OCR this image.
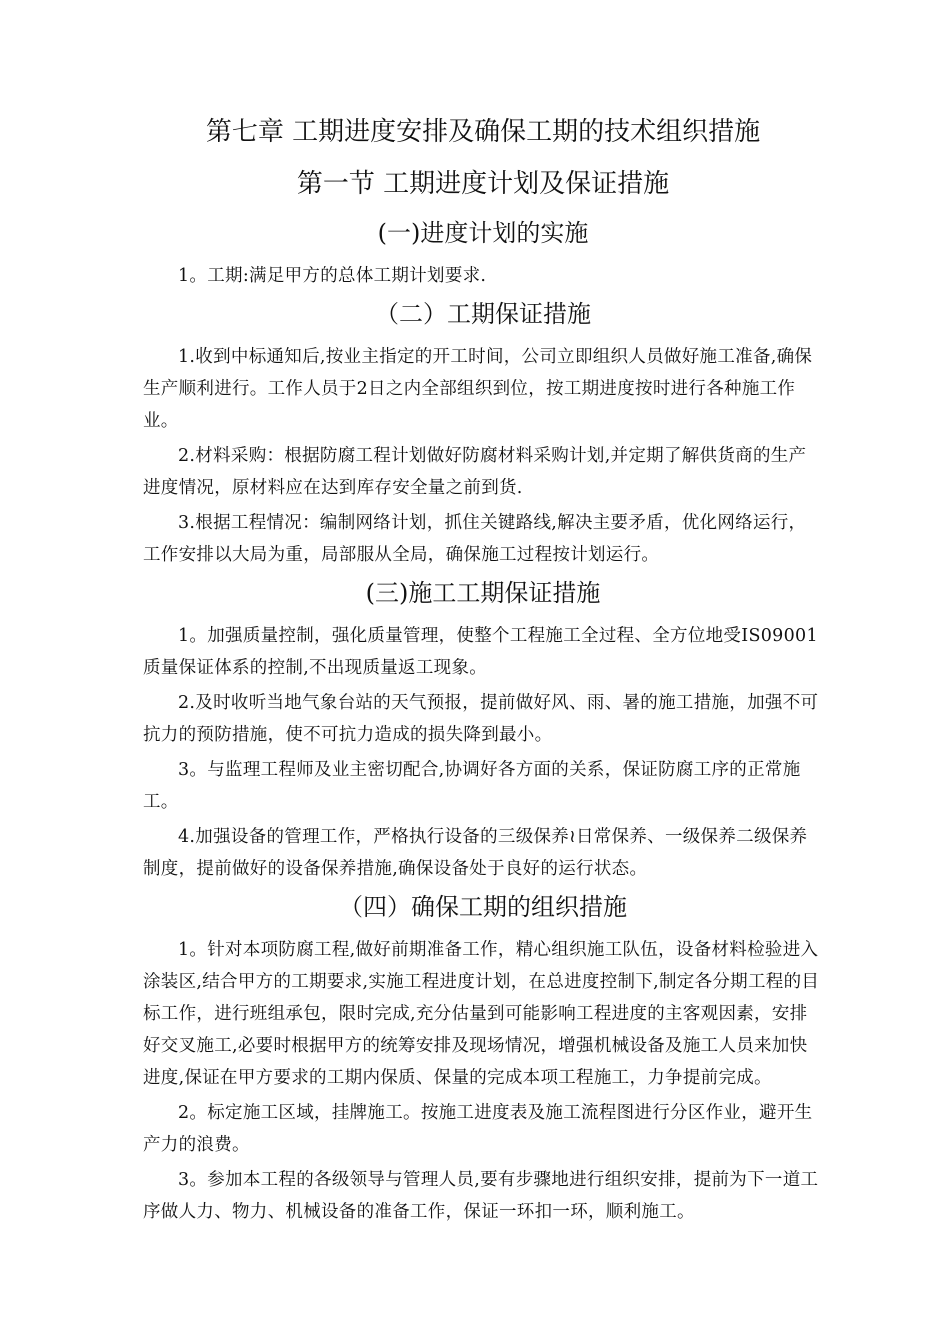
第七章 工期进度安排及确保工期的技术组织措施
第一节 工期进度计划及保证措施
(一)进度计划的实施

1。工期:满足甲方的总体工期计划要求.

（二）工期保证措施

1.收到中标通知后,按业主指定的开工时间，公司立即组织人员做好施工准备,确保生产顺利进行。工作人员于2日之内全部组织到位，按工期进度按时进行各种施工作业。

2.材料采购：根据防腐工程计划做好防腐材料采购计划,并定期了解供货商的生产进度情况，原材料应在达到库存安全量之前到货.

3.根据工程情况：编制网络计划，抓住关键路线,解决主要矛盾，优化网络运行，工作安排以大局为重，局部服从全局，确保施工过程按计划运行。

(三)施工工期保证措施

1。加强质量控制，强化质量管理，使整个工程施工全过程、全方位地受IS09001质量保证体系的控制,不出现质量返工现象。

2.及时收听当地气象台站的天气预报，提前做好风、雨、暑的施工措施，加强不可抗力的预防措施，使不可抗力造成的损失降到最小。

3。与监理工程师及业主密切配合,协调好各方面的关系，保证防腐工序的正常施工。

4.加强设备的管理工作，严格执行设备的三级保养≀日常保养、一级保养二级保养制度，提前做好的设备保养措施,确保设备处于良好的运行状态。

（四）确保工期的组织措施

1。针对本项防腐工程,做好前期准备工作，精心组织施工队伍，设备材料检验进入涂装区,结合甲方的工期要求,实施工程进度计划，在总进度控制下,制定各分期工程的目标工作，进行班组承包，限时完成,充分估量到可能影响工程进度的主客观因素，安排好交叉施工,必要时根据甲方的统筹安排及现场情况，增强机械设备及施工人员来加快进度,保证在甲方要求的工期内保质、保量的完成本项工程施工，力争提前完成。

2。标定施工区域，挂牌施工。按施工进度表及施工流程图进行分区作业，避开生产力的浪费。

3。参加本工程的各级领导与管理人员,要有步骤地进行组织安排，提前为下一道工序做人力、物力、机械设备的准备工作，保证一环扣一环，顺利施工。
